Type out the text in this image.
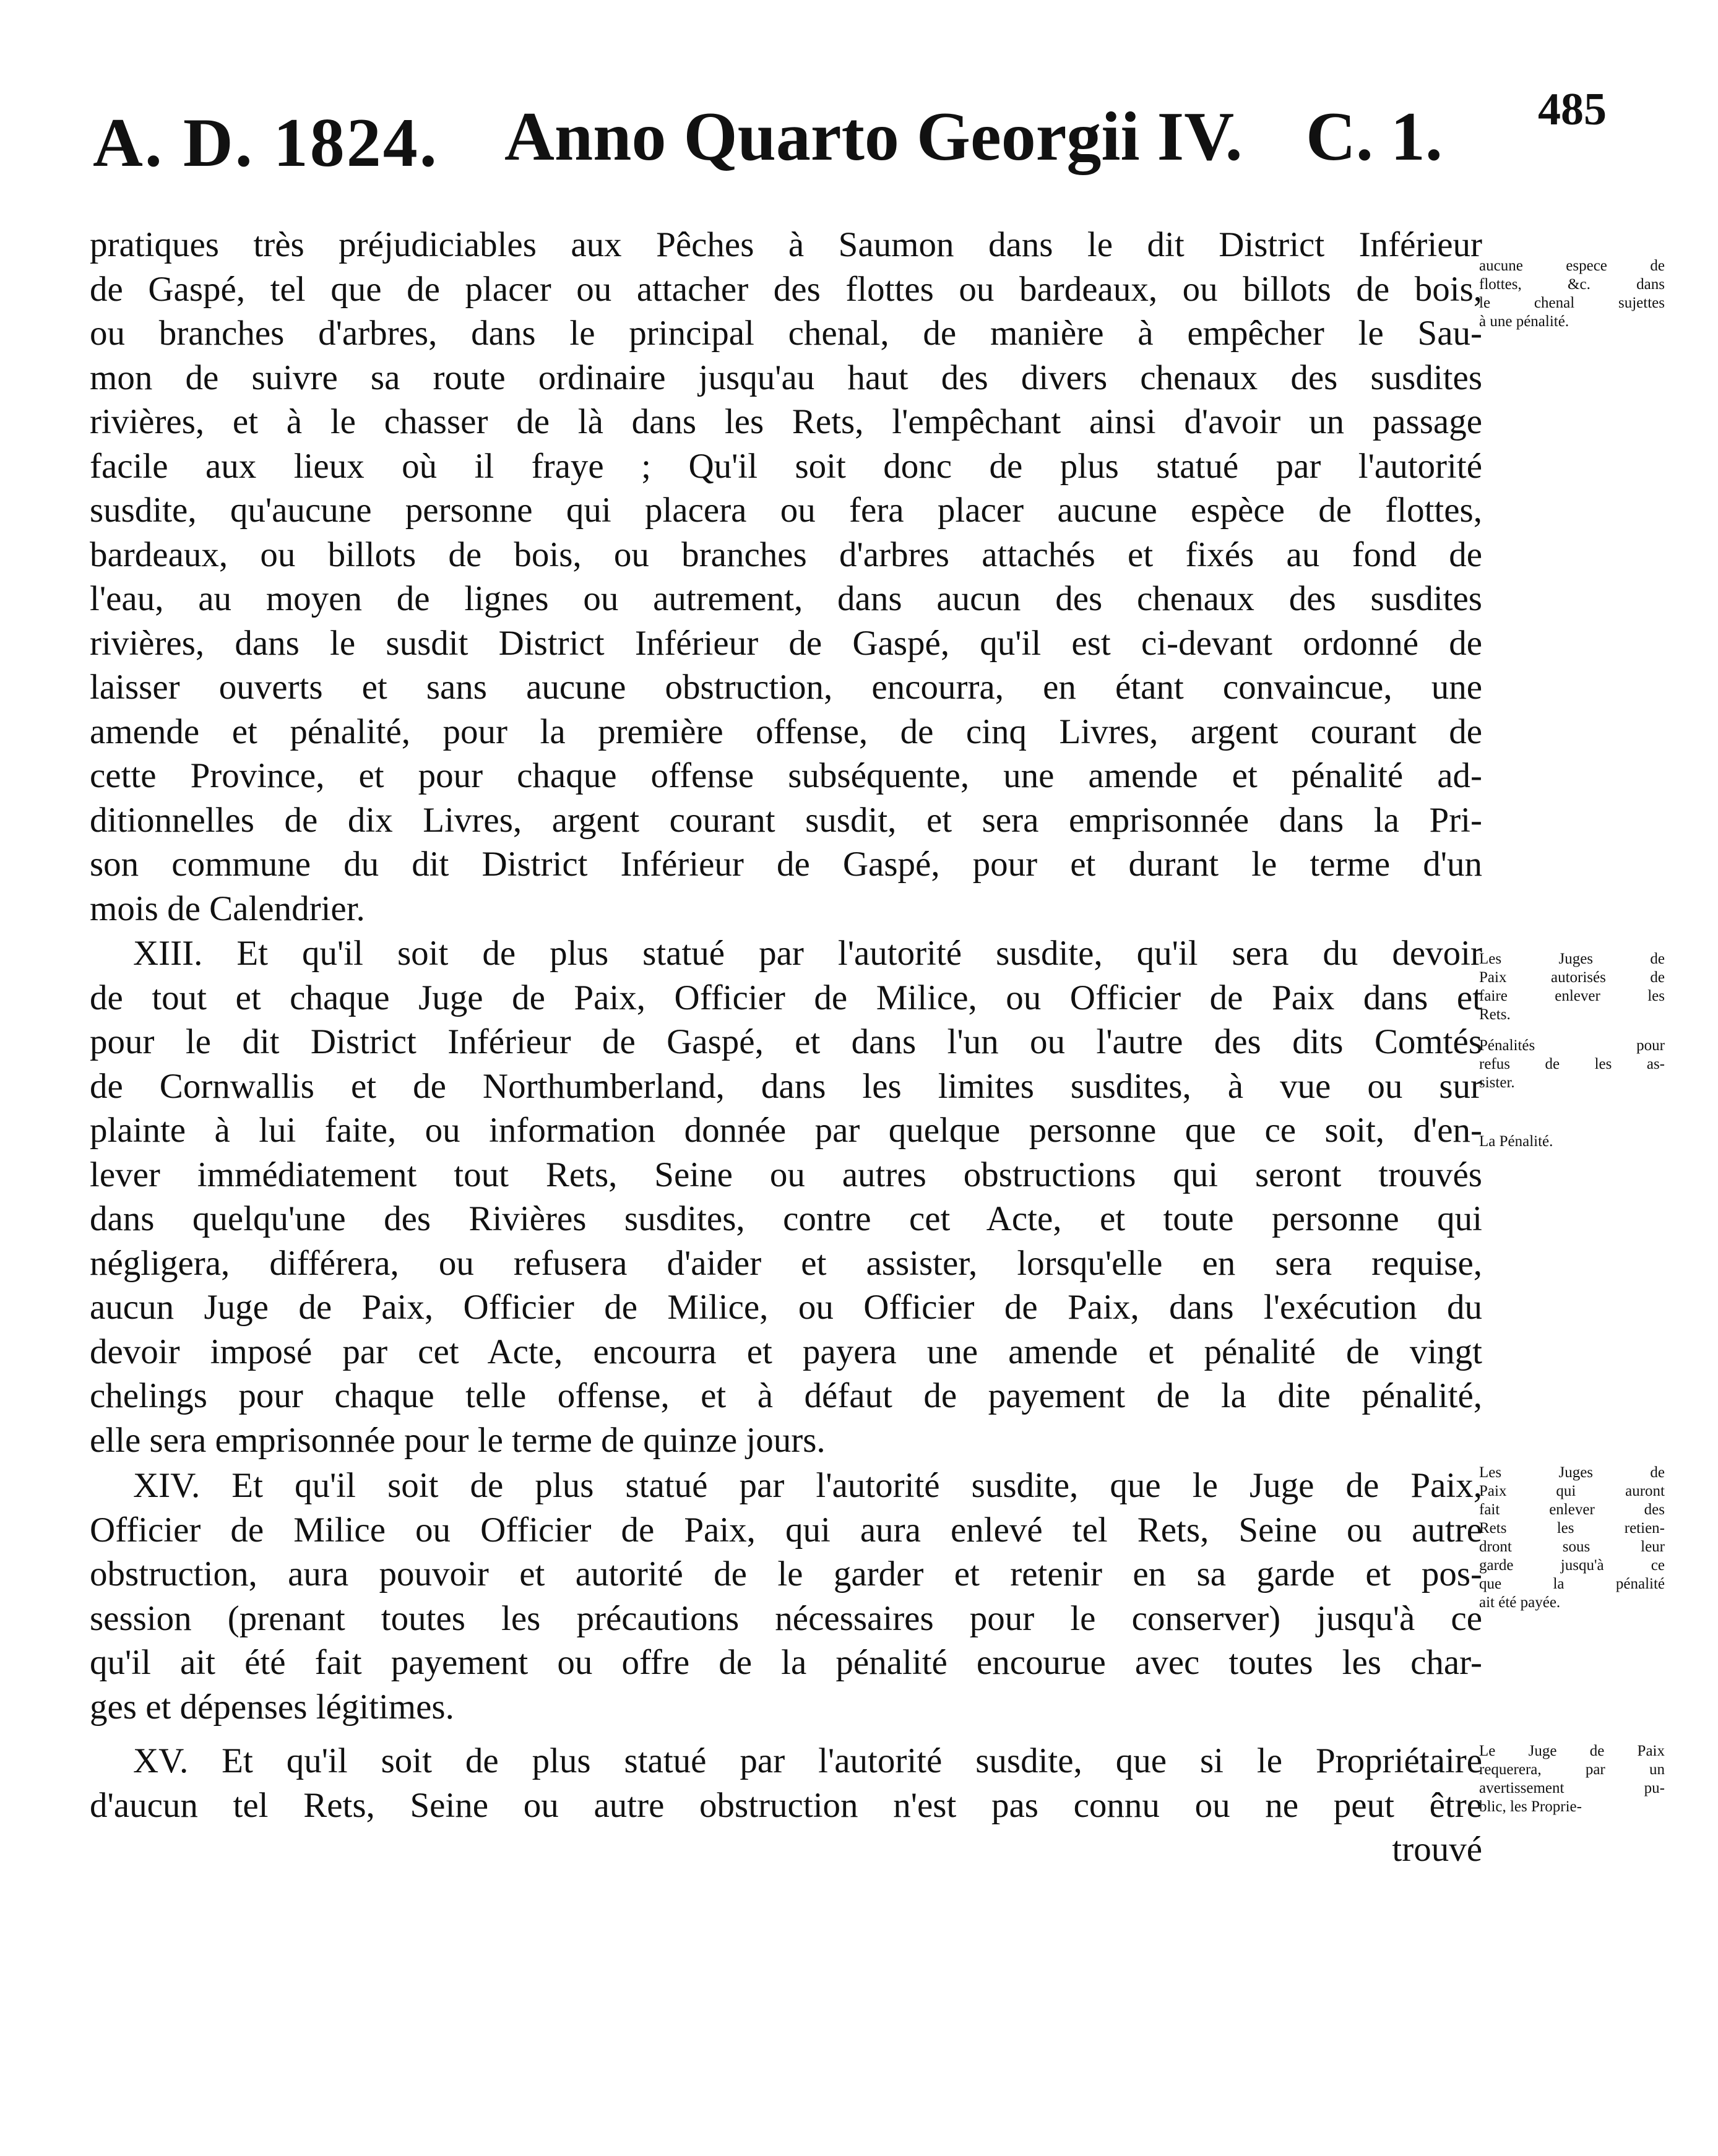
A. D. 1824. Anno Quarto Georgii IV. C. 1. 485
pratiques très préjudiciables aux Pêches à Saumon dans le dit District Inférieur
de Gaspé, tel que de placer ou attacher des flottes ou bardeaux, ou billots de bois,
ou branches d'arbres, dans le principal chenal, de manière à empêcher le Sau-
mon de suivre sa route ordinaire jusqu'au haut des divers chenaux des susdites
rivières, et à le chasser de là dans les Rets, l'empêchant ainsi d'avoir un passage
facile aux lieux où il fraye ; Qu'il soit donc de plus statué par l'autorité
susdite, qu'aucune personne qui placera ou fera placer aucune espèce de flottes,
bardeaux, ou billots de bois, ou branches d'arbres attachés et fixés au fond de
l'eau, au moyen de lignes ou autrement, dans aucun des chenaux des susdites
rivières, dans le susdit District Inférieur de Gaspé, qu'il est ci-devant ordonné de
laisser ouverts et sans aucune obstruction, encourra, en étant convaincue, une
amende et pénalité, pour la première offense, de cinq Livres, argent courant de
cette Province, et pour chaque offense subséquente, une amende et pénalité ad-
ditionnelles de dix Livres, argent courant susdit, et sera emprisonnée dans la Pri-
son commune du dit District Inférieur de Gaspé, pour et durant le terme d'un
mois de Calendrier.
XIII. Et qu'il soit de plus statué par l'autorité susdite, qu'il sera du devoir
de tout et chaque Juge de Paix, Officier de Milice, ou Officier de Paix dans et
pour le dit District Inférieur de Gaspé, et dans l'un ou l'autre des dits Comtés
de Cornwallis et de Northumberland, dans les limites susdites, à vue ou sur
plainte à lui faite, ou information donnée par quelque personne que ce soit, d'en-
lever immédiatement tout Rets, Seine ou autres obstructions qui seront trouvés
dans quelqu'une des Rivières susdites, contre cet Acte, et toute personne qui
négligera, différera, ou refusera d'aider et assister, lorsqu'elle en sera requise,
aucun Juge de Paix, Officier de Milice, ou Officier de Paix, dans l'exécution du
devoir imposé par cet Acte, encourra et payera une amende et pénalité de vingt
chelings pour chaque telle offense, et à défaut de payement de la dite pénalité,
elle sera emprisonnée pour le terme de quinze jours.
XIV. Et qu'il soit de plus statué par l'autorité susdite, que le Juge de Paix,
Officier de Milice ou Officier de Paix, qui aura enlevé tel Rets, Seine ou autre
obstruction, aura pouvoir et autorité de le garder et retenir en sa garde et pos-
session (prenant toutes les précautions nécessaires pour le conserver) jusqu'à ce
qu'il ait été fait payement ou offre de la pénalité encourue avec toutes les char-
ges et dépenses légitimes.
XV. Et qu'il soit de plus statué par l'autorité susdite, que si le Propriétaire
d'aucun tel Rets, Seine ou autre obstruction n'est pas connu ou ne peut être
trouvé
aucune espece de
flottes, &c. dans
le chenal sujettes
à une pénalité.
Les Juges de
Paix autorisés de
faire enlever les
Rets.
Pénalités pour
refus de les as-
sister.
La Pénalité.
Les Juges de
Paix qui auront
fait enlever des
Rets les retien-
dront sous leur
garde jusqu'à ce
que la pénalité
ait été payée.
Le Juge de Paix
requerera, par un
avertissement pu-
blic, les Proprie-
